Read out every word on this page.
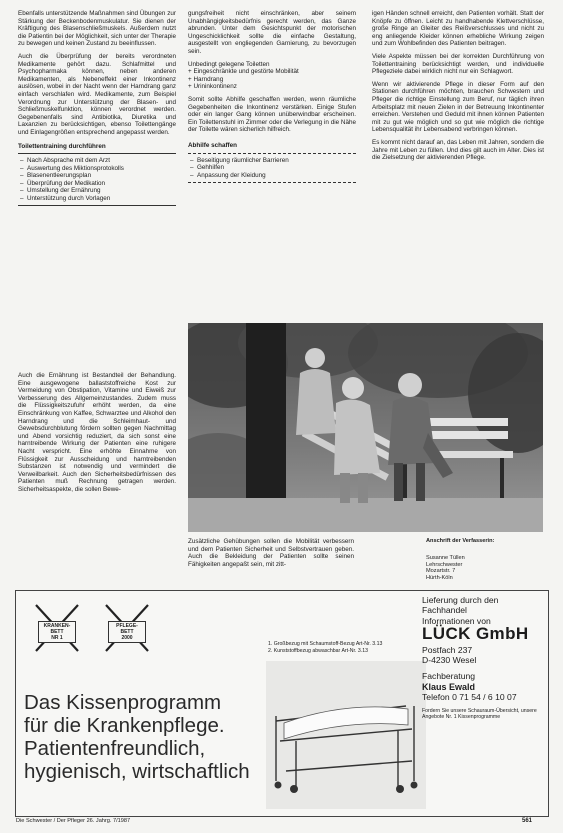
Ebenfalls unterstützende Maßnahmen sind Übungen zur Stärkung der Beckenbodenmuskulatur. Sie dienen der Kräftigung des Blasenschließmuskels. Außerdem nutzt die Patientin bei der Möglichkeit, sich unter der Therapie zu bewegen und keinen Zustand zu beeinflussen.

Auch die Überprüfung der bereits verordneten Medikamente gehört dazu. Schlafmittel und Psychopharmaka können, neben anderen Medikamenten, als Nebeneffekt einer Inkontinenz auslösen, wobei in der Nacht wenn der Harndrang ganz einfach verschlafen wird. Medikamente, zum Beispiel Verordnung zur Unterstützung der Blasen- und Schließmuskelfunktion, können verordnet werden. Gegebenenfalls sind Antibiotika, Diuretika und Laxanzien zu berücksichtigen, ebenso Toilettengänge und Einlagengrößen entsprechend angepasst werden.

Toilettentraining durchführen
– Nach Absprache mit dem Arzt
– Auswertung des Miktionsprotokolls
– Blasenentleerungsplan
– Überprüfung der Medikation
– Umstellung der Ernährung
– Unterstützung durch Vorlagen

Auch die Ernährung ist Bestandteil der Behandlung. Eine ausgewogene ballaststoffreiche Kost zur Vermeidung von Obstipation, Vitamine und Eiweiß zur Verbesserung des Allgemeinzustandes. Zudem muss die Flüssigkeitszufuhr erhöht werden, da eine Einschränkung von Kaffee, Schwarztee und Alkohol den Harndrang und die Schleimhaut- und Gewebsdurchblutung fördern sollten gegen Nachmittag und Abend vorsichtig reduziert, da sich sonst eine harntreibende Wirkung der Patienten eine ruhigere Nacht verspricht. Eine erhöhte Einnahme von Flüssigkeit zur Ausscheidung und harntreibenden Substanzen ist notwendig und vermindert die Verweilbarkeit. Auch den Sicherheitsbedürfnissen des Patienten muß Rechnung getragen werden. Sicherheitsaspekte, die sollen Bewe-

gungsfreiheit nicht einschränken, aber seinem Unabhängigkeitsbedürfnis gerecht werden, das Ganze abrunden. Unter dem Gesichtspunkt der motorischen Ungeschicklichkeit sollte die einfache Gestaltung, ausgestellt von engliegenden Garnierung, zu bevorzugen sein.

Unbedingt gelegene Toiletten
+ Eingeschränkte und gestörte Mobilität
+ Harndrang
+ Urininkontinenz

Somit sollte Abhilfe geschaffen werden, wenn räumliche Gegebenheiten die Inkontinenz verstärken. Einige Stufen oder ein langer Gang können unüberwindbar erscheinen. Ein Toilettenstuhl im Zimmer oder die Verlegung in die Nähe der Toilette wären sicherlich hilfreich.

Abhilfe schaffen
– Beseitigung räumlicher Barrieren
– Gehhilfen
– Anpassung der Kleidung

igen Händen schnell erreicht, den Patienten vorhält. Statt der Knöpfe zu öffnen. Leicht zu handhabende Klettverschlüsse, große Ringe an Gleiter des Reißverschlusses und nicht zu eng anliegende Kleider können erhebliche Wirkung zeigen und zum Wohlbefinden des Patienten beitragen.

Viele Aspekte müssen bei der korrekten Durchführung von Toilettentraining berücksichtigt werden, und individuelle Pflegeziele dabei wirklich nicht nur ein Schlagwort.

Wenn wir aktivierende Pflege in dieser Form auf den Stationen durchführen möchten, brauchen Schwestern und Pfleger die richtige Einstellung zum Beruf, nur täglich ihren Arbeitsplatz mit neuen Zielen in der Betreuung Inkontinenter erreichen. Verstehen und Geduld mit ihnen können Patienten mit zu gut wie möglich und so gut wie möglich die richtige Lebensqualität ihr Lebensabend verbringen können.

Es kommt nicht darauf an, das Leben mit Jahren, sondern die Jahre mit Leben zu füllen. Und dies gilt auch im Alter. Dies ist die Zielsetzung der aktivierenden Pflege.

Zusätzliche Gehübungen sollen die Mobilität verbessern und dem Patienten Sicherheit und Selbstvertrauen geben. Auch die Bekleidung der Patienten sollte seinen Fähigkeiten angepaßt sein, mit zitt-
Anschrift der Verfasserin:
Susanne Tüllen
Lehrschwester
Mozartstr. 7
Hürth-Köln
KRANKEN-BETT
NR 1
PFLEGE-BETT
2000
Das Kissenprogramm
für die Krankenpflege.
Patientenfreundlich,
hygienisch, wirtschaftlich
1. Großbezug mit Schaumstoff-Bezug Art-Nr. 3.13
2. Kunststoffbezug abwaschbar Art-Nr. 3.13
Lieferung durch den
Fachhandel
Informationen von
LÜCK GmbH
Postfach 237
D-4230 Wesel
Fachberatung
Klaus Ewald
Telefon 0 71 54 / 6 10 07
Fordern Sie unsere Schauraum-Übersicht, unsere Angebote Nr. 1 Kissenprogramme
Die Schwester / Der Pfleger 26. Jahrg. 7/1987	561
